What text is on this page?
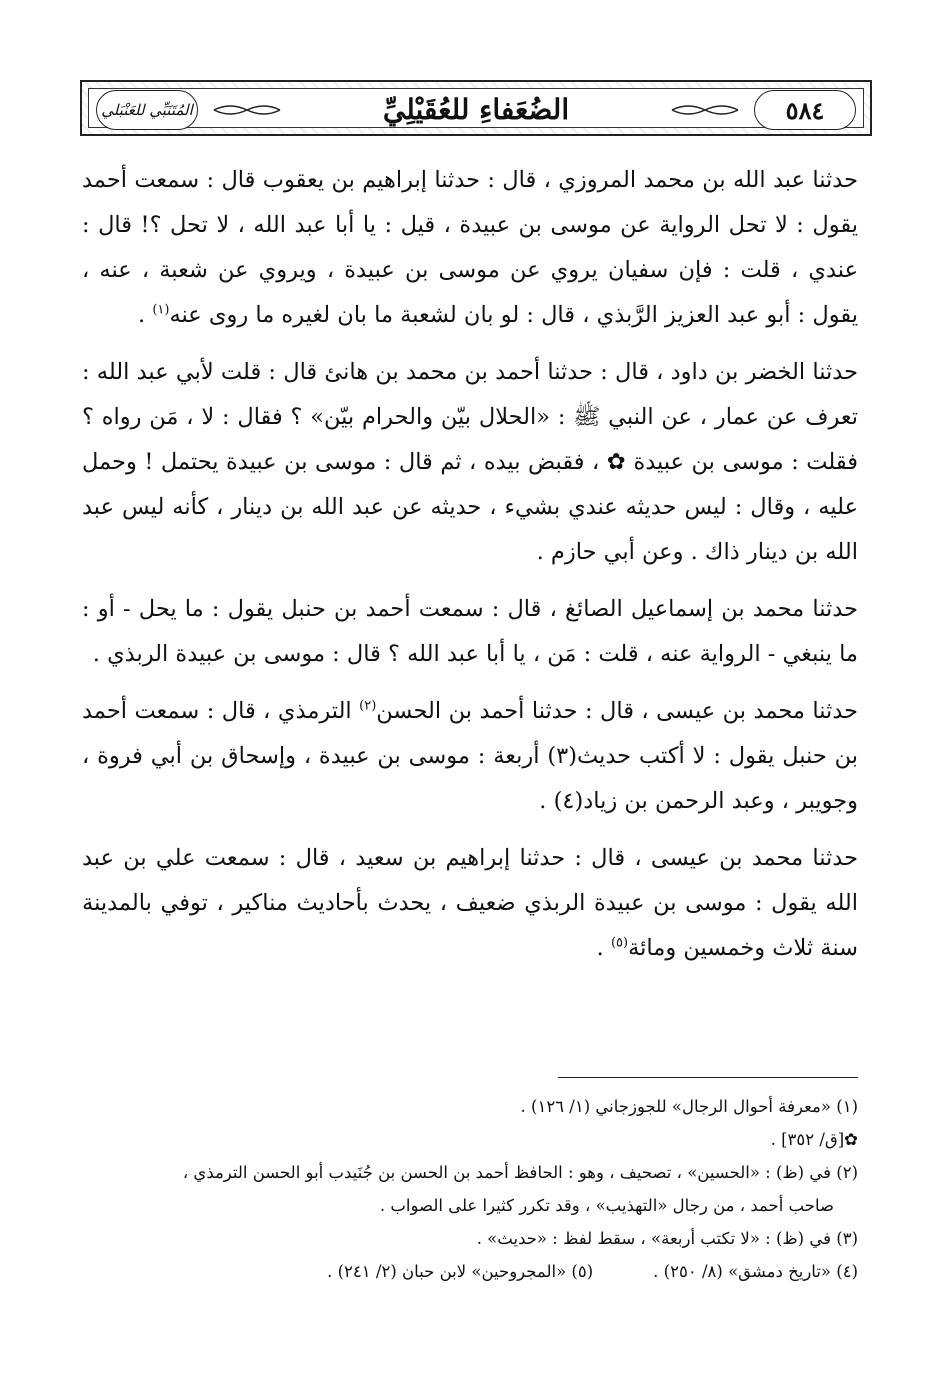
٥٨٤
الضُعَفاءِ للعُقَيْلِيِّ
المُتَنَبِّي للعَنْبَلي

حدثنا عبد الله بن محمد المروزي ، قال : حدثنا إبراهيم بن يعقوب قال : سمعت أحمد يقول : لا تحل الرواية عن موسى بن عبيدة ، قيل : يا أبا عبد الله ، لا تحل ؟! قال : عندي ، قلت : فإن سفيان يروي عن موسى بن عبيدة ، ويروي عن شعبة ، عنه ، يقول : أبو عبد العزيز الرَّبذي ، قال : لو بان لشعبة ما بان لغيره ما روى عنه$^{(١)}$ .

حدثنا الخضر بن داود ، قال : حدثنا أحمد بن محمد بن هانئ قال : قلت لأبي عبد الله : تعرف عن عمار ، عن النبي ﷺ : «الحلال بيّن والحرام بيّن» ؟ فقال : لا ، مَن رواه ؟ فقلت : موسى بن عبيدة ✿ ، فقبض بيده ، ثم قال : موسى بن عبيدة يحتمل ! وحمل عليه ، وقال : ليس حديثه عندي بشيء ، حديثه عن عبد الله بن دينار ، كأنه ليس عبد الله بن دينار ذاك . وعن أبي حازم .

حدثنا محمد بن إسماعيل الصائغ ، قال : سمعت أحمد بن حنبل يقول : ما يحل - أو : ما ينبغي - الرواية عنه ، قلت : مَن ، يا أبا عبد الله ؟ قال : موسى بن عبيدة الربذي .

حدثنا محمد بن عيسى ، قال : حدثنا أحمد بن الحسن$^{(٢)}$ الترمذي ، قال : سمعت أحمد بن حنبل يقول : لا أكتب حديث(٣) أربعة : موسى بن عبيدة ، وإسحاق بن أبي فروة ، وجويبر ، وعبد الرحمن بن زياد(٤) .

حدثنا محمد بن عيسى ، قال : حدثنا إبراهيم بن سعيد ، قال : سمعت علي بن عبد الله يقول : موسى بن عبيدة الربذي ضعيف ، يحدث بأحاديث مناكير ، توفي بالمدينة سنة ثلاث وخمسين ومائة$^{(٥)}$ .

(١) «معرفة أحوال الرجال» للجوزجاني (١/ ١٢٦) .
✿[ق/ ٣٥٢] .
(٢) في (ظ) : «الحسين» ، تصحيف ، وهو : الحافظ أحمد بن الحسن بن جُنَيدب أبو الحسن الترمذي ،
صاحب أحمد ، من رجال «التهذيب» ، وقد تكرر كثيرا على الصواب .
(٣) في (ظ) : «لا تكتب أربعة» ، سقط لفظ : «حديث» .
(٤) «تاريخ دمشق» (٨/ ٢٥٠) .
(٥) «المجروحين» لابن حبان (٢/ ٢٤١) .
